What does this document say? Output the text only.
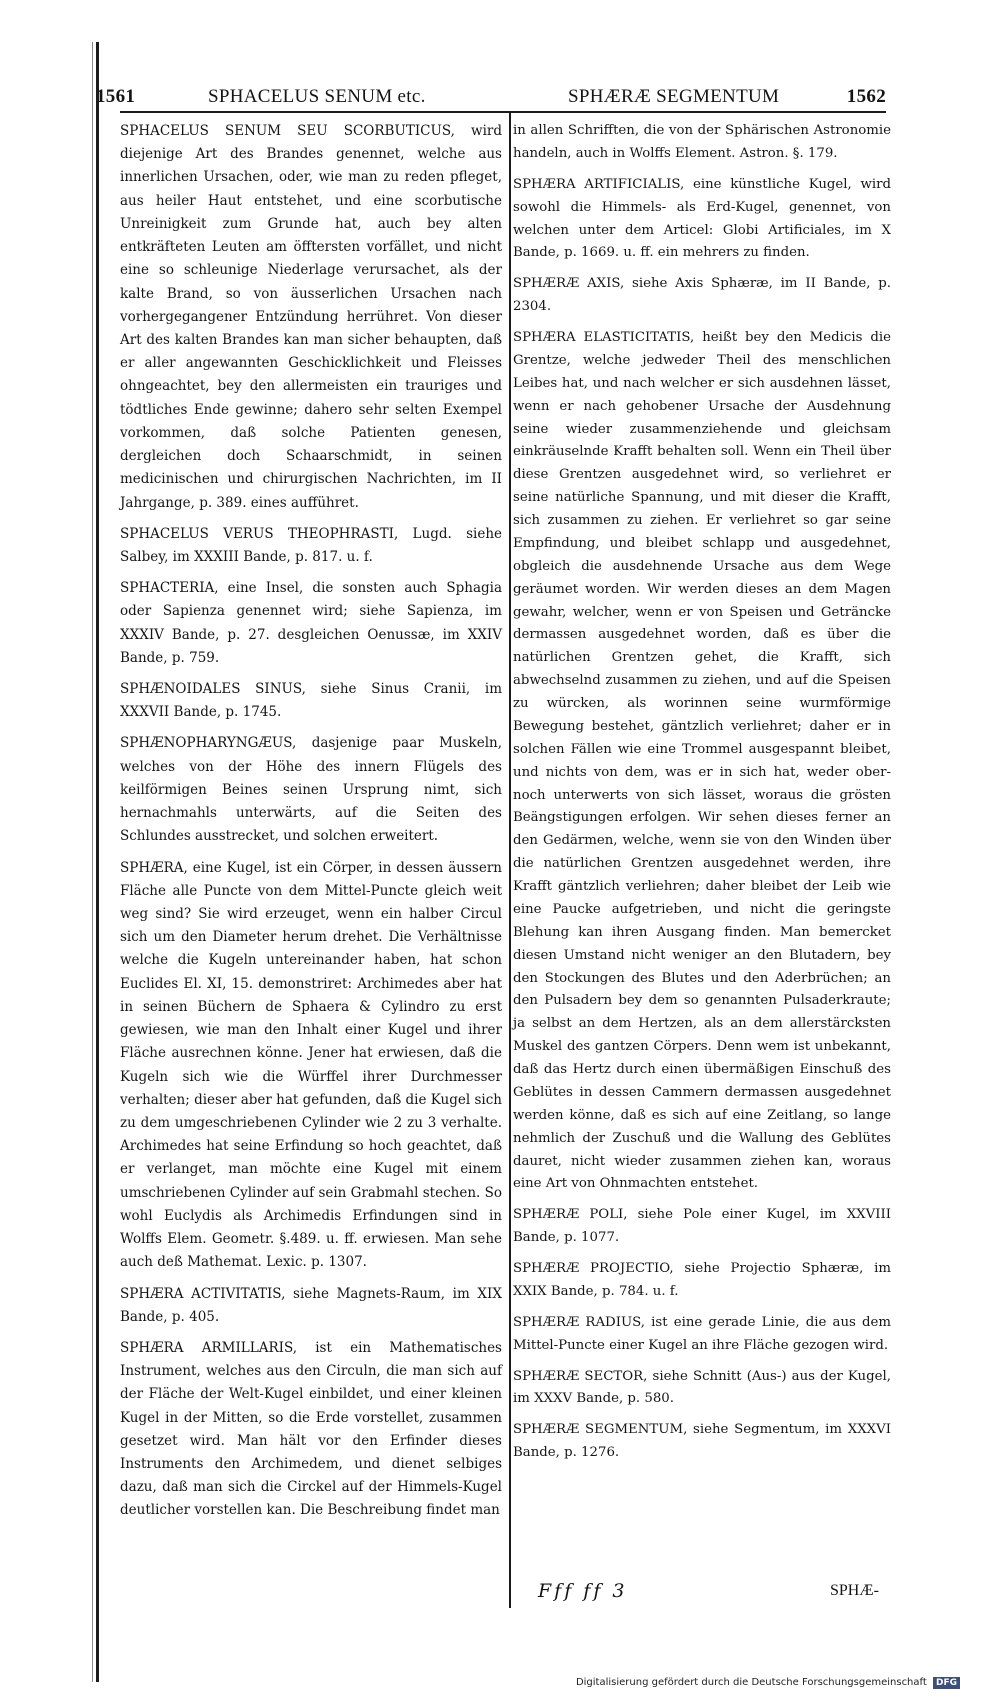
1561	SPHACELUS SENUM etc.	SPHÆRÆ SEGMENTUM	1562

SPHACELUS SENUM SEU SCORBUTICUS, wird diejenige Art des Brandes genennet, welche aus innerlichen Ursachen, oder, wie man zu reden pfleget, aus heiler Haut entstehet, und eine scorbutische Unreinigkeit zum Grunde hat, auch bey alten entkräfteten Leuten am öfftersten vorfället, und nicht eine so schleunige Niederlage verursachet, als der kalte Brand, so von äusserlichen Ursachen nach vorhergegangener Entzündung herrühret. Von dieser Art des kalten Brandes kan man sicher behaupten, daß er aller angewannten Geschicklichkeit und Fleisses ohngeachtet, bey den allermeisten ein trauriges und tödtliches Ende gewinne; dahero sehr selten Exempel vorkommen, daß solche Patienten genesen, dergleichen doch Schaarschmidt, in seinen medicinischen und chirurgischen Nachrichten, im II Jahrgange, p. 389. eines aufführet.

SPHACELUS VERUS THEOPHRASTI, Lugd. siehe Salbey, im XXXIII Bande, p. 817. u. f.

SPHACTERIA, eine Insel, die sonsten auch Sphagia oder Sapienza genennet wird; siehe Sapienza, im XXXIV Bande, p. 27. desgleichen Oenussæ, im XXIV Bande, p. 759.

SPHÆNOIDALES SINUS, siehe Sinus Cranii, im XXXVII Bande, p. 1745.

SPHÆNOPHARYNGÆUS, dasjenige paar Muskeln, welches von der Höhe des innern Flügels des keilförmigen Beines seinen Ursprung nimt, sich hernachmahls unterwärts, auf die Seiten des Schlundes ausstrecket, und solchen erweitert.

SPHÆRA, eine Kugel, ist ein Cörper, in dessen äussern Fläche alle Puncte von dem Mittel-Puncte gleich weit weg sind? Sie wird erzeuget, wenn ein halber Circul sich um den Diameter herum drehet. Die Verhältnisse welche die Kugeln untereinander haben, hat schon Euclides El. XI, 15. demonstriret: Archimedes aber hat in seinen Büchern de Sphaera & Cylindro zu erst gewiesen, wie man den Inhalt einer Kugel und ihrer Fläche ausrechnen könne. Jener hat erwiesen, daß die Kugeln sich wie die Würffel ihrer Durchmesser verhalten; dieser aber hat gefunden, daß die Kugel sich zu dem umgeschriebenen Cylinder wie 2 zu 3 verhalte. Archimedes hat seine Erfindung so hoch geachtet, daß er verlanget, man möchte eine Kugel mit einem umschriebenen Cylinder auf sein Grabmahl stechen. So wohl Euclydis als Archimedis Erfindungen sind in Wolffs Elem. Geometr. §.489. u. ff. erwiesen. Man sehe auch deß Mathemat. Lexic. p. 1307.

SPHÆRA ACTIVITATIS, siehe Magnets-Raum, im XIX Bande, p. 405.

SPHÆRA ARMILLARIS, ist ein Mathematisches Instrument, welches aus den Circuln, die man sich auf der Fläche der Welt-Kugel einbildet, und einer kleinen Kugel in der Mitten, so die Erde vorstellet, zusammen gesetzet wird. Man hält vor den Erfinder dieses Instruments den Archimedem, und dienet selbiges dazu, daß man sich die Circkel auf der Himmels-Kugel deutlicher vorstellen kan. Die Beschreibung findet man

in allen Schrifften, die von der Sphärischen Astronomie handeln, auch in Wolffs Element. Astron. §. 179.

SPHÆRA ARTIFICIALIS, eine künstliche Kugel, wird sowohl die Himmels- als Erd-Kugel, genennet, von welchen unter dem Articel: Globi Artificiales, im X Bande, p. 1669. u. ff. ein mehrers zu finden.

SPHÆRÆ AXIS, siehe Axis Sphæræ, im II Bande, p. 2304.

SPHÆRA ELASTICITATIS, heißt bey den Medicis die Grentze, welche jedweder Theil des menschlichen Leibes hat, und nach welcher er sich ausdehnen lässet, wenn er nach gehobener Ursache der Ausdehnung seine wieder zusammenziehende und gleichsam einkräuselnde Krafft behalten soll. Wenn ein Theil über diese Grentzen ausgedehnet wird, so verliehret er seine natürliche Spannung, und mit dieser die Krafft, sich zusammen zu ziehen. Er verliehret so gar seine Empfindung, und bleibet schlapp und ausgedehnet, obgleich die ausdehnende Ursache aus dem Wege geräumet worden. Wir werden dieses an dem Magen gewahr, welcher, wenn er von Speisen und Geträncke dermassen ausgedehnet worden, daß es über die natürlichen Grentzen gehet, die Krafft, sich abwechselnd zusammen zu ziehen, und auf die Speisen zu würcken, als worinnen seine wurmförmige Bewegung bestehet, gäntzlich verliehret; daher er in solchen Fällen wie eine Trommel ausgespannt bleibet, und nichts von dem, was er in sich hat, weder ober- noch unterwerts von sich lässet, woraus die grösten Beängstigungen erfolgen. Wir sehen dieses ferner an den Gedärmen, welche, wenn sie von den Winden über die natürlichen Grentzen ausgedehnet werden, ihre Krafft gäntzlich verliehren; daher bleibet der Leib wie eine Paucke aufgetrieben, und nicht die geringste Blehung kan ihren Ausgang finden. Man bemercket diesen Umstand nicht weniger an den Blutadern, bey den Stockungen des Blutes und den Aderbrüchen; an den Pulsadern bey dem so genannten Pulsaderkraute; ja selbst an dem Hertzen, als an dem allerstärcksten Muskel des gantzen Cörpers. Denn wem ist unbekannt, daß das Hertz durch einen übermäßigen Einschuß des Geblütes in dessen Cammern dermassen ausgedehnet werden könne, daß es sich auf eine Zeitlang, so lange nehmlich der Zuschuß und die Wallung des Geblütes dauret, nicht wieder zusammen ziehen kan, woraus eine Art von Ohnmachten entstehet.

SPHÆRÆ POLI, siehe Pole einer Kugel, im XXVIII Bande, p. 1077.

SPHÆRÆ PROJECTIO, siehe Projectio Sphæræ, im XXIX Bande, p. 784. u. f.

SPHÆRÆ RADIUS, ist eine gerade Linie, die aus dem Mittel-Puncte einer Kugel an ihre Fläche gezogen wird.

SPHÆRÆ SECTOR, siehe Schnitt (Aus-) aus der Kugel, im XXXV Bande, p. 580.

SPHÆRÆ SEGMENTUM, siehe Segmentum, im XXXVI Bande, p. 1276.

Fff ff 3	SPHÆ-
Digitalisierung gefördert durch die Deutsche Forschungsgemeinschaft DFG
